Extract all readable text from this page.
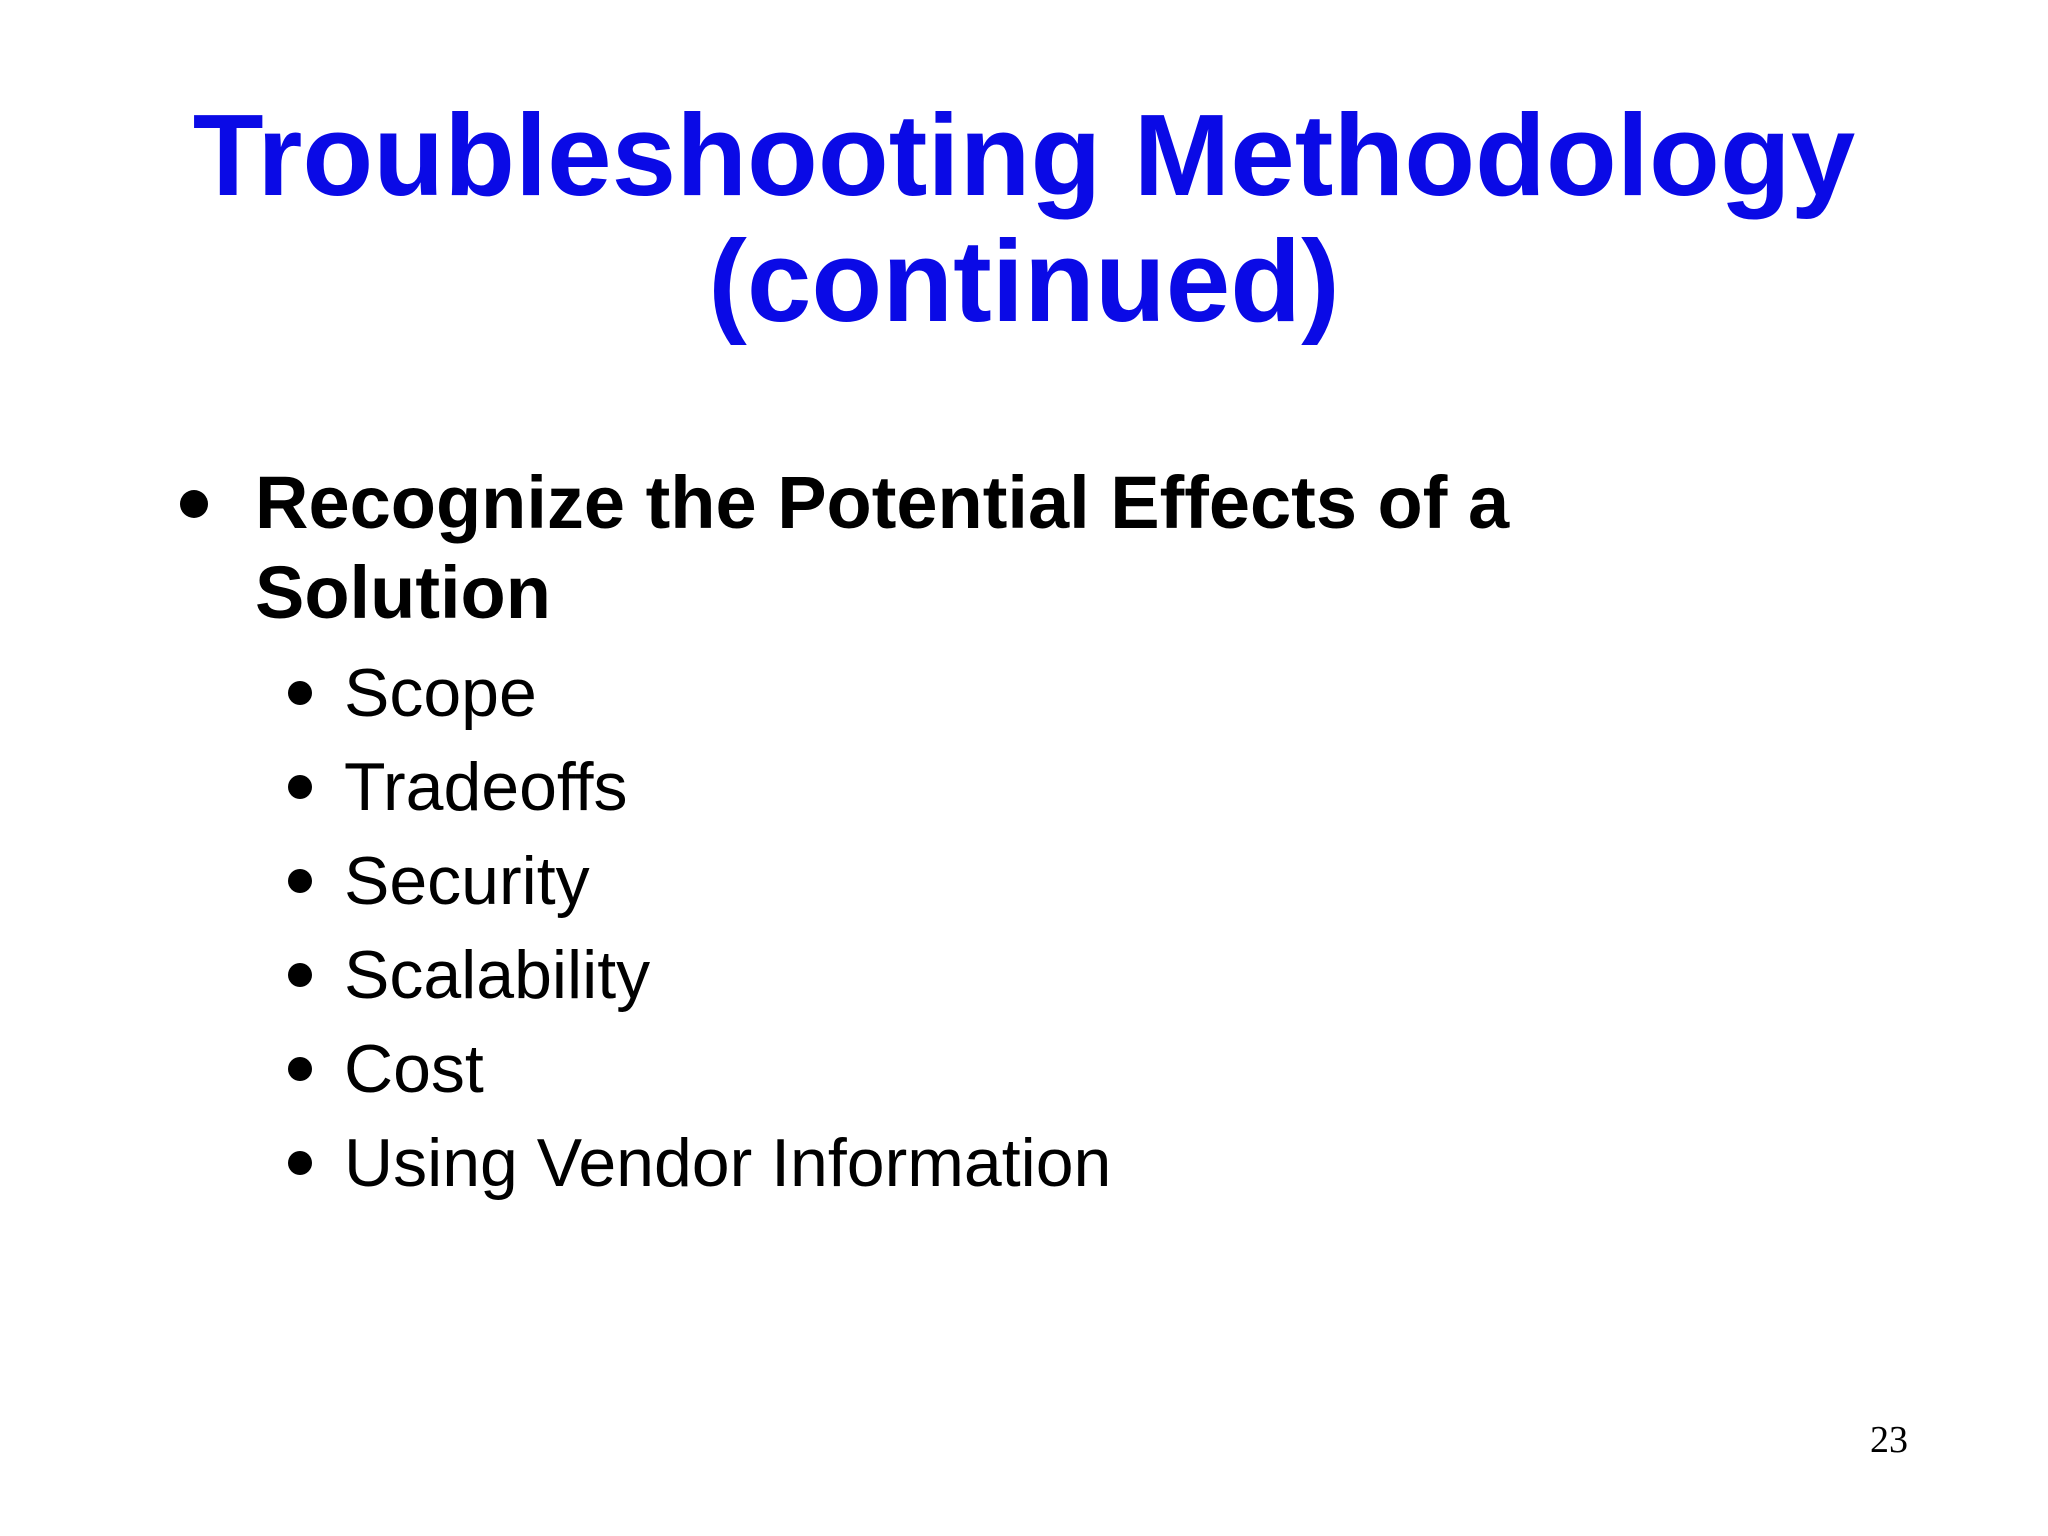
Troubleshooting Methodology
(continued)
Recognize the Potential Effects of a Solution
Scope
Tradeoffs
Security
Scalability
Cost
Using Vendor Information
23
